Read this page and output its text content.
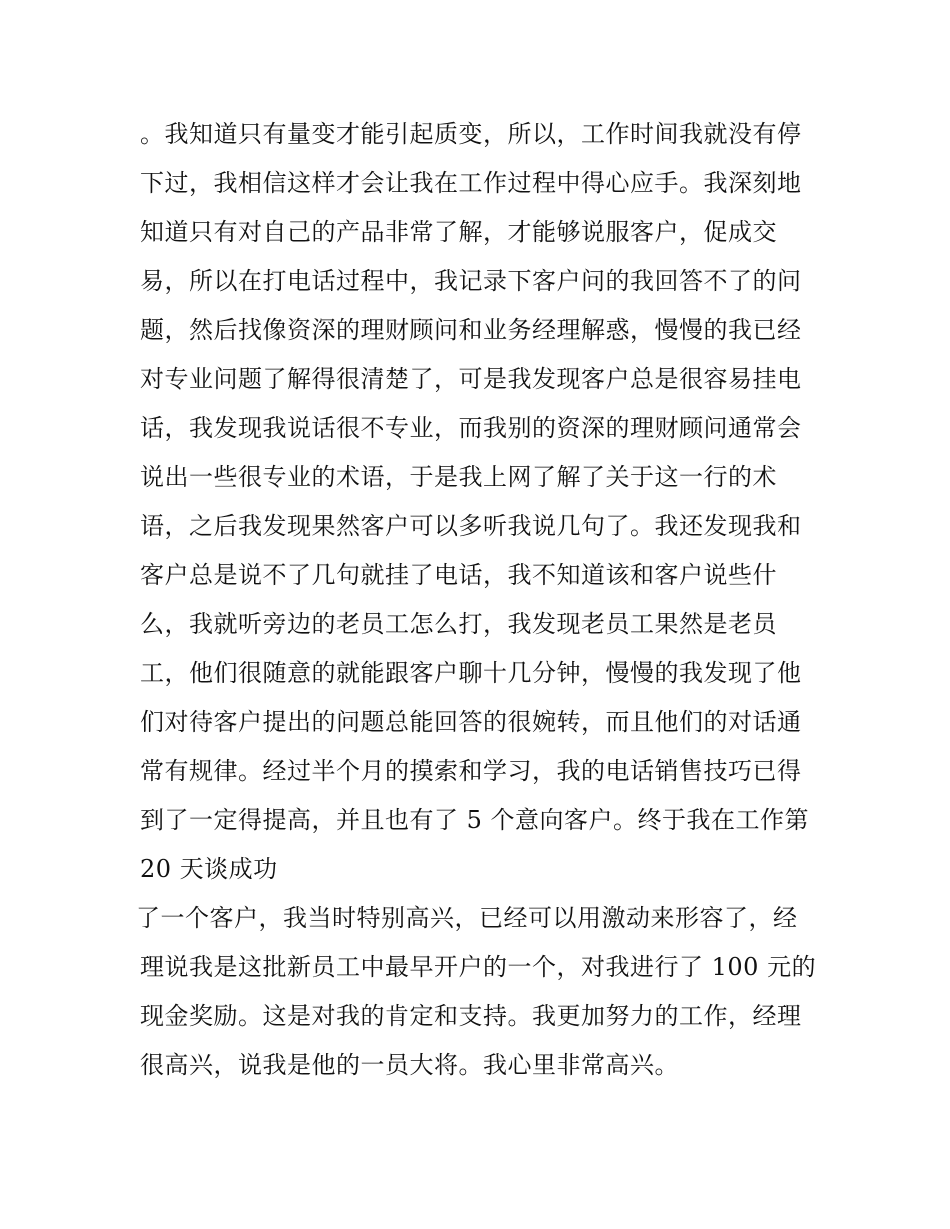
。我知道只有量变才能引起质变，所以，工作时间我就没有停
下过，我相信这样才会让我在工作过程中得心应手。我深刻地
知道只有对自己的产品非常了解，才能够说服客户，促成交
易，所以在打电话过程中，我记录下客户问的我回答不了的问
题，然后找像资深的理财顾问和业务经理解惑，慢慢的我已经
对专业问题了解得很清楚了，可是我发现客户总是很容易挂电
话，我发现我说话很不专业，而我别的资深的理财顾问通常会
说出一些很专业的术语，于是我上网了解了关于这一行的术
语，之后我发现果然客户可以多听我说几句了。我还发现我和
客户总是说不了几句就挂了电话，我不知道该和客户说些什
么，我就听旁边的老员工怎么打，我发现老员工果然是老员
工，他们很随意的就能跟客户聊十几分钟，慢慢的我发现了他
们对待客户提出的问题总能回答的很婉转，而且他们的对话通
常有规律。经过半个月的摸索和学习，我的电话销售技巧已得
到了一定得提高，并且也有了 5 个意向客户。终于我在工作第
20 天谈成功
了一个客户，我当时特别高兴，已经可以用激动来形容了，经
理说我是这批新员工中最早开户的一个，对我进行了 100 元的
现金奖励。这是对我的肯定和支持。我更加努力的工作，经理
很高兴，说我是他的一员大将。我心里非常高兴。
